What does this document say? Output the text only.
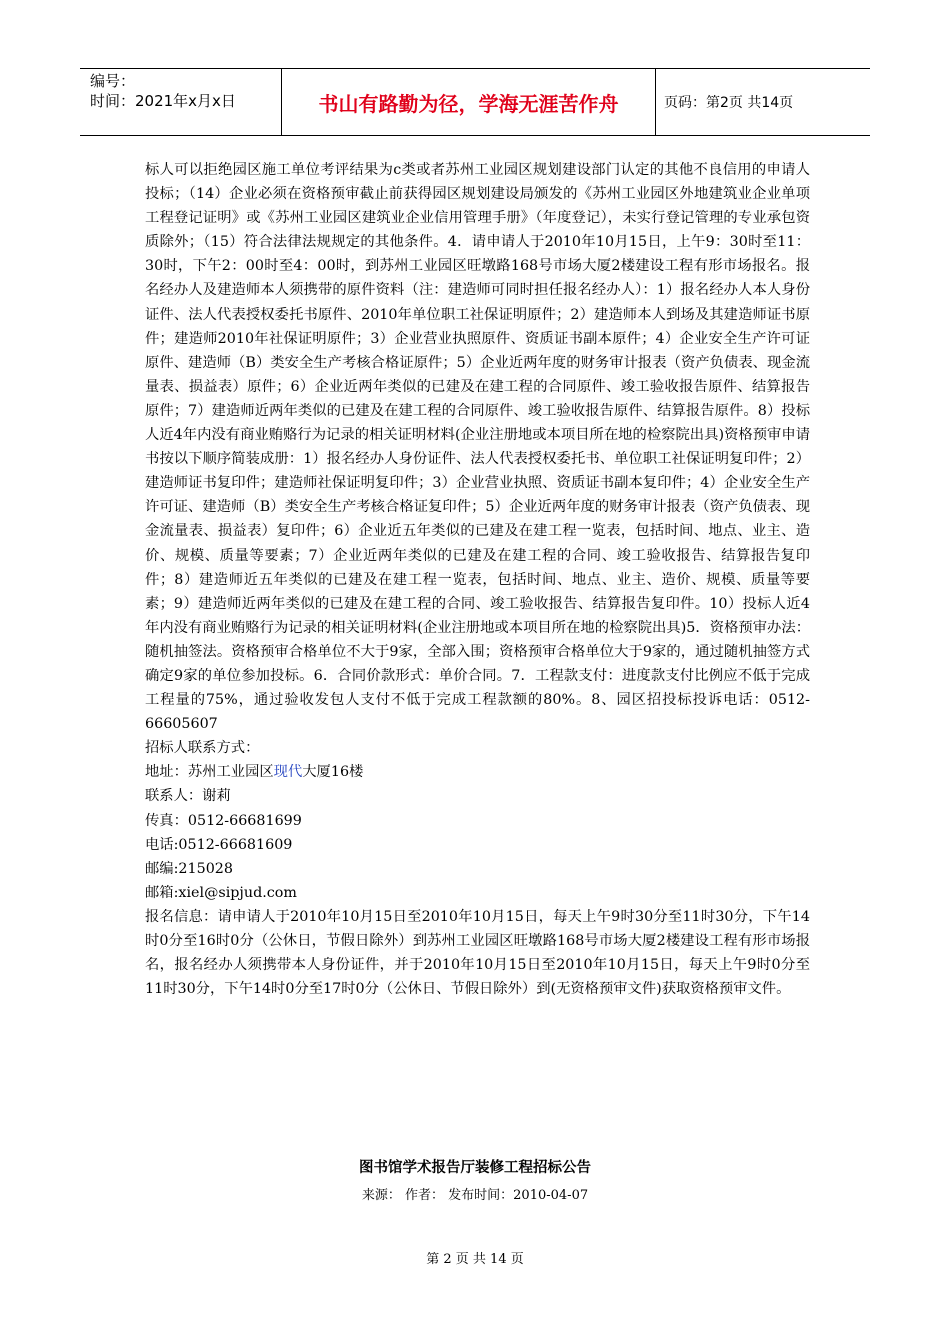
编号：
时间：2021年x月x日	书山有路勤为径，学海无涯苦作舟	页码：第2页 共14页

标人可以拒绝园区施工单位考评结果为c类或者苏州工业园区规划建设部门认定的其他不良信用的申请人投标；（14）企业必须在资格预审截止前获得园区规划建设局颁发的《苏州工业园区外地建筑业企业单项工程登记证明》或《苏州工业园区建筑业企业信用管理手册》（年度登记），未实行登记管理的专业承包资质除外；（15）符合法律法规规定的其他条件。4．请申请人于2010年10月15日，上午9：30时至11：30时，下午2：00时至4：00时，到苏州工业园区旺墩路168号市场大厦2楼建设工程有形市场报名。报名经办人及建造师本人须携带的原件资料（注：建造师可同时担任报名经办人）：1）报名经办人本人身份证件、法人代表授权委托书原件、2010年单位职工社保证明原件；2）建造师本人到场及其建造师证书原件；建造师2010年社保证明原件；3）企业营业执照原件、资质证书副本原件；4）企业安全生产许可证原件、建造师（B）类安全生产考核合格证原件；5）企业近两年度的财务审计报表（资产负债表、现金流量表、损益表）原件；6）企业近两年类似的已建及在建工程的合同原件、竣工验收报告原件、结算报告原件；7）建造师近两年类似的已建及在建工程的合同原件、竣工验收报告原件、结算报告原件。8）投标人近4年内没有商业贿赂行为记录的相关证明材料(企业注册地或本项目所在地的检察院出具)资格预审申请书按以下顺序简装成册：1）报名经办人身份证件、法人代表授权委托书、单位职工社保证明复印件；2）建造师证书复印件；建造师社保证明复印件；3）企业营业执照、资质证书副本复印件；4）企业安全生产许可证、建造师（B）类安全生产考核合格证复印件；5）企业近两年度的财务审计报表（资产负债表、现金流量表、损益表）复印件；6）企业近五年类似的已建及在建工程一览表，包括时间、地点、业主、造价、规模、质量等要素；7）企业近两年类似的已建及在建工程的合同、竣工验收报告、结算报告复印件；8）建造师近五年类似的已建及在建工程一览表，包括时间、地点、业主、造价、规模、质量等要素；9）建造师近两年类似的已建及在建工程的合同、竣工验收报告、结算报告复印件。10）投标人近4年内没有商业贿赂行为记录的相关证明材料(企业注册地或本项目所在地的检察院出具)5．资格预审办法：随机抽签法。资格预审合格单位不大于9家，全部入围；资格预审合格单位大于9家的，通过随机抽签方式确定9家的单位参加投标。6．合同价款形式：单价合同。7．工程款支付：进度款支付比例应不低于完成工程量的75%，通过验收发包人支付不低于完成工程款额的80%。8、园区招投标投诉电话：0512-66605607

招标人联系方式：

地址：苏州工业园区现代大厦16楼

联系人：谢莉

传真：0512-66681699

电话:0512-66681609

邮编:215028

邮箱:xiel@sipjud.com

报名信息：请申请人于2010年10月15日至2010年10月15日，每天上午9时30分至11时30分，下午14时0分至16时0分（公休日，节假日除外）到苏州工业园区旺墩路168号市场大厦2楼建设工程有形市场报名，报名经办人须携带本人身份证件，并于2010年10月15日至2010年10月15日，每天上午9时0分至11时30分，下午14时0分至17时0分（公休日、节假日除外）到(无资格预审文件)获取资格预审文件。

图书馆学术报告厅装修工程招标公告
来源： 作者： 发布时间：2010-04-07
第 2 页 共 14 页
